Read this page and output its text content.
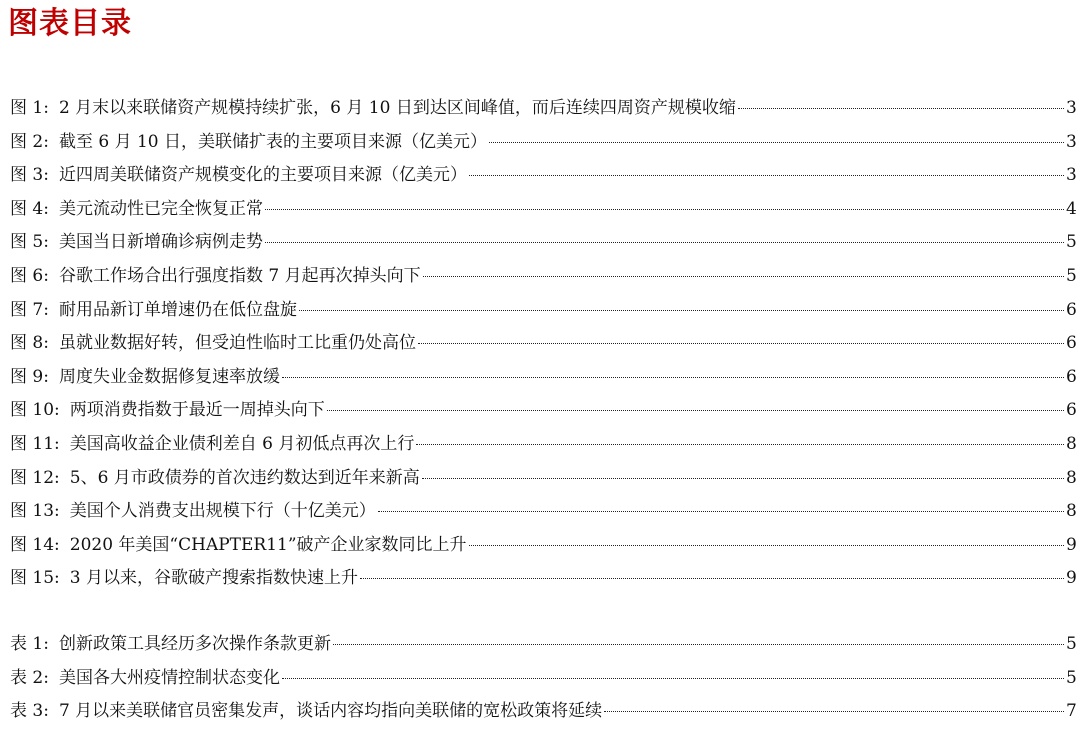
图表目录
图 1: 2 月末以来联储资产规模持续扩张，6 月 10 日到达区间峰值，而后连续四周资产规模收缩	3
图 2: 截至 6 月 10 日，美联储扩表的主要项目来源（亿美元）	3
图 3: 近四周美联储资产规模变化的主要项目来源（亿美元）	3
图 4: 美元流动性已完全恢复正常	4
图 5: 美国当日新增确诊病例走势	5
图 6: 谷歌工作场合出行强度指数 7 月起再次掉头向下	5
图 7: 耐用品新订单增速仍在低位盘旋	6
图 8: 虽就业数据好转，但受迫性临时工比重仍处高位	6
图 9: 周度失业金数据修复速率放缓	6
图 10: 两项消费指数于最近一周掉头向下	6
图 11: 美国高收益企业债利差自 6 月初低点再次上行	8
图 12: 5、6 月市政债券的首次违约数达到近年来新高	8
图 13: 美国个人消费支出规模下行（十亿美元）	8
图 14: 2020 年美国“CHAPTER11”破产企业家数同比上升	9
图 15: 3 月以来，谷歌破产搜索指数快速上升	9
表 1: 创新政策工具经历多次操作条款更新	5
表 2: 美国各大州疫情控制状态变化	5
表 3: 7 月以来美联储官员密集发声，谈话内容均指向美联储的宽松政策将延续	7
